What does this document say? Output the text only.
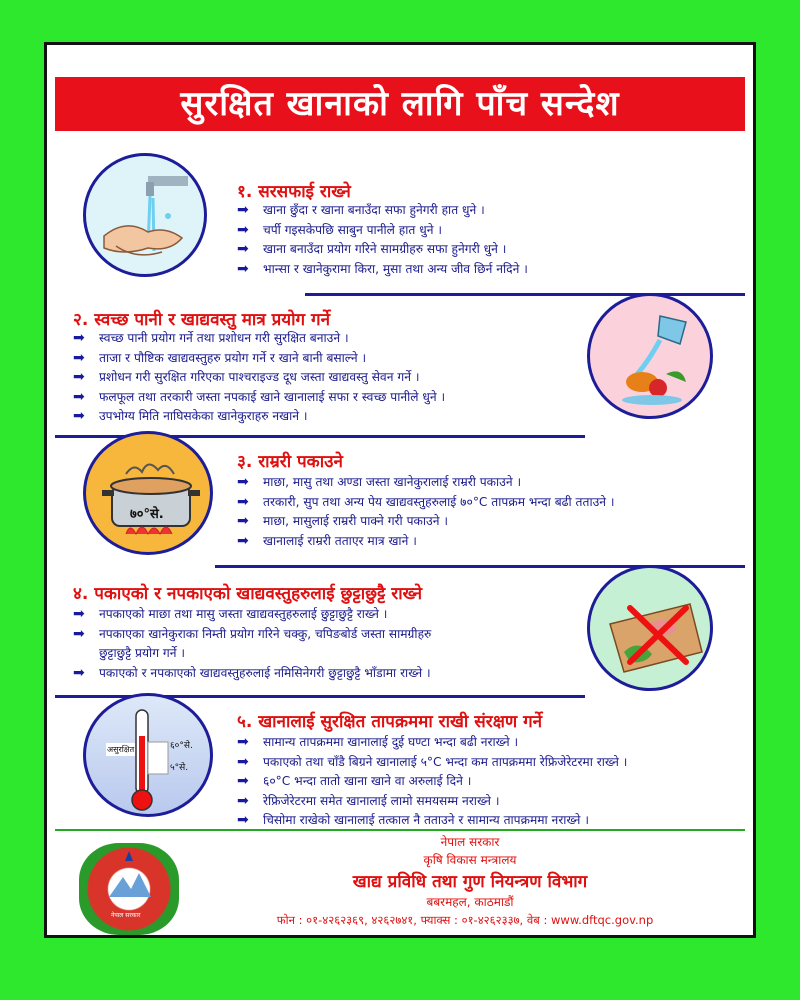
सुरक्षित खानाको लागि पाँच सन्देश
१. सरसफाई राख्ने
➡ खाना छुँदा र खाना बनाउँदा सफा हुनेगरी हात धुने ।
➡ चर्पी गइसकेपछि साबुन पानीले हात धुने ।
➡ खाना बनाउँदा प्रयोग गरिने सामग्रीहरु सफा हुनेगरी धुने ।
➡ भान्सा र खानेकुरामा किरा, मुसा तथा अन्य जीव छिर्न नदिने ।
२. स्वच्छ पानी र खाद्यवस्तु मात्र प्रयोग गर्ने
➡ स्वच्छ पानी प्रयोग गर्ने तथा प्रशोधन गरी सुरक्षित बनाउने ।
➡ ताजा र पौष्टिक खाद्यवस्तुहरु प्रयोग गर्ने र खाने बानी बसाल्ने ।
➡ प्रशोधन गरी सुरक्षित गरिएका पाश्चराइज्ड दूध जस्ता खाद्यवस्तु सेवन गर्ने ।
➡ फलफूल तथा तरकारी जस्ता नपकाई खाने खानालाई सफा र स्वच्छ पानीले धुने ।
➡ उपभोग्य मिति नाघिसकेका खानेकुराहरु नखाने ।
७०°से.
३. राम्ररी पकाउने
➡ माछा, मासु तथा अण्डा जस्ता खानेकुरालाई राम्ररी पकाउने ।
➡ तरकारी, सुप तथा अन्य पेय खाद्यवस्तुहरुलाई ७०°C तापक्रम भन्दा बढी तताउने ।
➡ माछा, मासुलाई राम्ररी पाक्ने गरी पकाउने ।
➡ खानालाई राम्ररी तताएर मात्र खाने ।
४. पकाएको र नपकाएको खाद्यवस्तुहरुलाई छुट्टाछुट्टै राख्ने
➡ नपकाएको माछा तथा मासु जस्ता खाद्यवस्तुहरुलाई छुट्टाछुट्टै राख्ने ।
➡ नपकाएका खानेकुराका निम्ती प्रयोग गरिने चक्कु, चपिङबोर्ड जस्ता सामग्रीहरु
छुट्टाछुट्टै प्रयोग गर्ने ।
➡ पकाएको र नपकाएको खाद्यवस्तुहरुलाई नमिसिनेगरी छुट्टाछुट्टै भाँडामा राख्ने ।
असुरक्षित	६०°से.
५°से.
५. खानालाई सुरक्षित तापक्रममा राखी संरक्षण गर्ने
➡ सामान्य तापक्रममा खानालाई दुई घण्टा भन्दा बढी नराख्ने ।
➡ पकाएको तथा चाँडै बिग्रने खानालाई ५°C भन्दा कम तापक्रममा रेफ्रिजेरेटरमा राख्ने ।
➡ ६०°C भन्दा तातो खाना खाने वा अरुलाई दिने ।
➡ रेफ्रिजेरेटरमा समेत खानालाई लामो समयसम्म नराख्ने ।
➡ चिसोमा राखेको खानालाई तत्काल नै तताउने र सामान्य तापक्रममा नराख्ने ।
नेपाल सरकार
नेपाल सरकार
कृषि विकास मन्त्रालय
खाद्य प्रविधि तथा गुण नियन्त्रण विभाग
बबरमहल, काठमाडौं
फोन : ०१-४२६२३६९, ४२६२७४१, फ्याक्स : ०१-४२६२३३७, वेब : www.dftqc.gov.np
